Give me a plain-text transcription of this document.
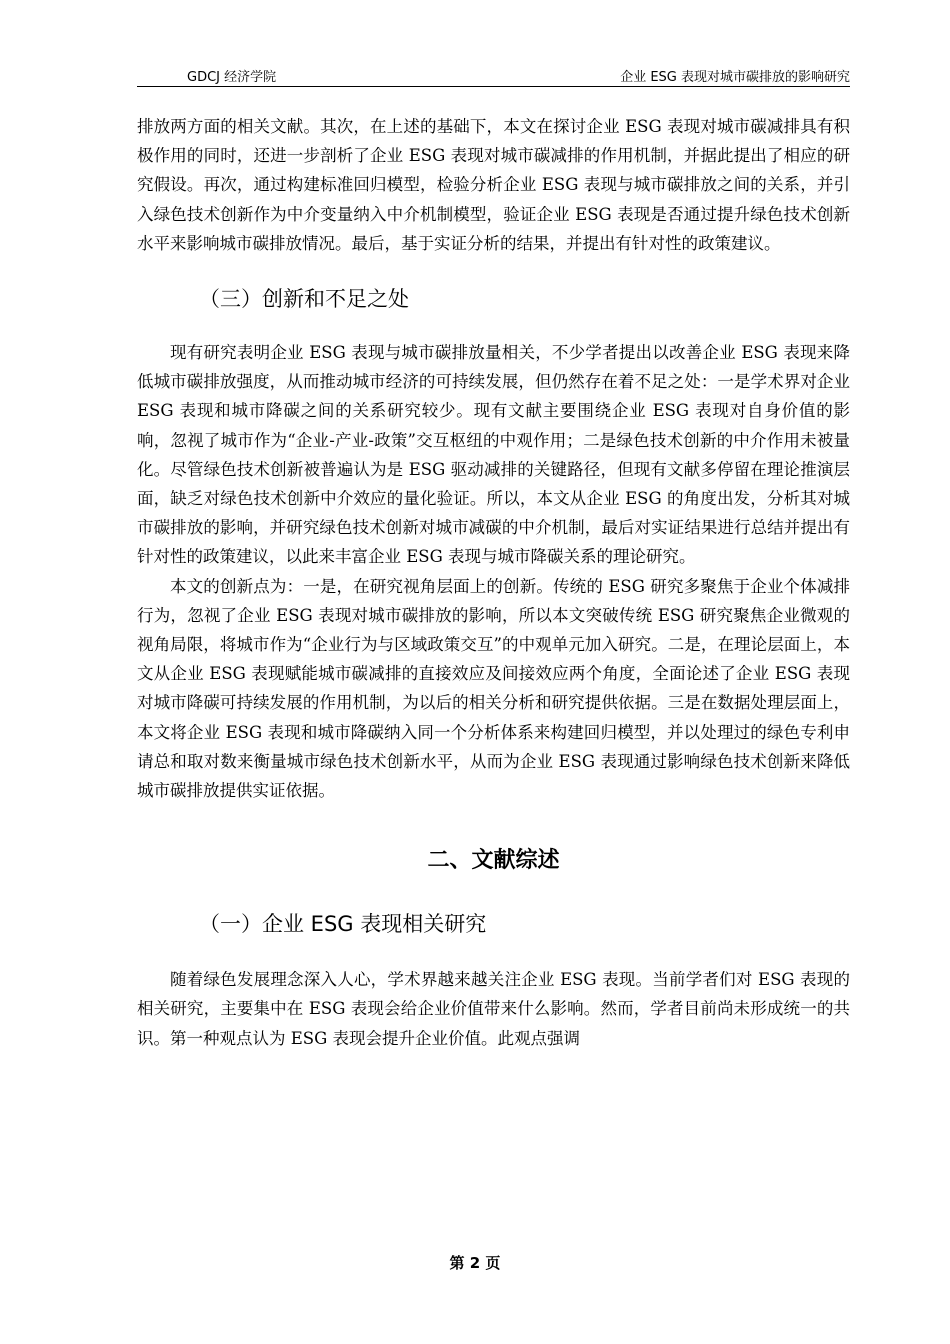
GDCJ 经济学院	企业 ESG 表现对城市碳排放的影响研究

排放两方面的相关文献。其次，在上述的基础下，本文在探讨企业 ESG 表现对城市碳减排具有积极作用的同时，还进一步剖析了企业 ESG 表现对城市碳减排的作用机制，并据此提出了相应的研究假设。再次，通过构建标准回归模型，检验分析企业 ESG 表现与城市碳排放之间的关系，并引入绿色技术创新作为中介变量纳入中介机制模型，验证企业 ESG 表现是否通过提升绿色技术创新水平来影响城市碳排放情况。最后，基于实证分析的结果，并提出有针对性的政策建议。

（三）创新和不足之处

现有研究表明企业 ESG 表现与城市碳排放量相关，不少学者提出以改善企业 ESG 表现来降低城市碳排放强度，从而推动城市经济的可持续发展，但仍然存在着不足之处：一是学术界对企业 ESG 表现和城市降碳之间的关系研究较少。现有文献主要围绕企业 ESG 表现对自身价值的影响，忽视了城市作为“企业-产业-政策”交互枢纽的中观作用；二是绿色技术创新的中介作用未被量化。尽管绿色技术创新被普遍认为是 ESG 驱动减排的关键路径，但现有文献多停留在理论推演层面，缺乏对绿色技术创新中介效应的量化验证。所以，本文从企业 ESG 的角度出发，分析其对城市碳排放的影响，并研究绿色技术创新对城市减碳的中介机制，最后对实证结果进行总结并提出有针对性的政策建议，以此来丰富企业 ESG 表现与城市降碳关系的理论研究。

本文的创新点为：一是，在研究视角层面上的创新。传统的 ESG 研究多聚焦于企业个体减排行为，忽视了企业 ESG 表现对城市碳排放的影响，所以本文突破传统 ESG 研究聚焦企业微观的视角局限，将城市作为“企业行为与区域政策交互”的中观单元加入研究。二是，在理论层面上，本文从企业 ESG 表现赋能城市碳减排的直接效应及间接效应两个角度，全面论述了企业 ESG 表现对城市降碳可持续发展的作用机制，为以后的相关分析和研究提供依据。三是在数据处理层面上，本文将企业 ESG 表现和城市降碳纳入同一个分析体系来构建回归模型，并以处理过的绿色专利申请总和取对数来衡量城市绿色技术创新水平，从而为企业 ESG 表现通过影响绿色技术创新来降低城市碳排放提供实证依据。

二、文献综述

（一）企业 ESG 表现相关研究

随着绿色发展理念深入人心，学术界越来越关注企业 ESG 表现。当前学者们对 ESG 表现的相关研究，主要集中在 ESG 表现会给企业价值带来什么影响。然而，学者目前尚未形成统一的共识。第一种观点认为 ESG 表现会提升企业价值。此观点强调

第 2 页
